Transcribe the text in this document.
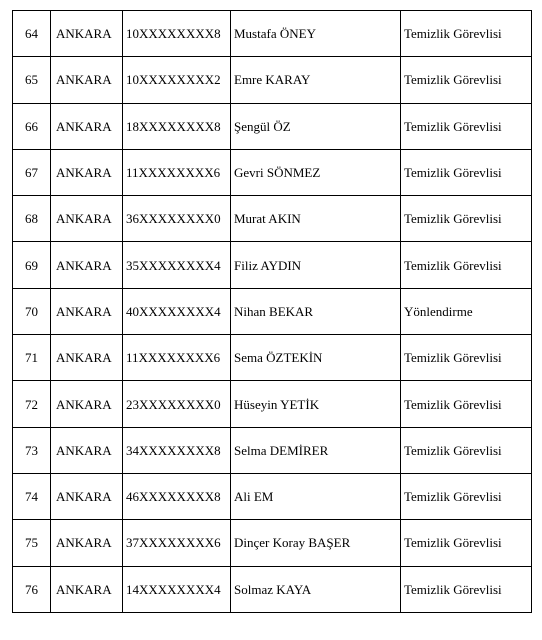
64	ANKARA	10XXXXXXXX8	Mustafa ÖNEY	Temizlik Görevlisi
65	ANKARA	10XXXXXXXX2	Emre KARAY	Temizlik Görevlisi
66	ANKARA	18XXXXXXXX8	Şengül ÖZ	Temizlik Görevlisi
67	ANKARA	11XXXXXXXX6	Gevri SÖNMEZ	Temizlik Görevlisi
68	ANKARA	36XXXXXXXX0	Murat AKIN	Temizlik Görevlisi
69	ANKARA	35XXXXXXXX4	Filiz AYDIN	Temizlik Görevlisi
70	ANKARA	40XXXXXXXX4	Nihan BEKAR	Yönlendirme
71	ANKARA	11XXXXXXXX6	Sema ÖZTEKİN	Temizlik Görevlisi
72	ANKARA	23XXXXXXXX0	Hüseyin YETİK	Temizlik Görevlisi
73	ANKARA	34XXXXXXXX8	Selma DEMİRER	Temizlik Görevlisi
74	ANKARA	46XXXXXXXX8	Ali EM	Temizlik Görevlisi
75	ANKARA	37XXXXXXXX6	Dinçer Koray BAŞER	Temizlik Görevlisi
76	ANKARA	14XXXXXXXX4	Solmaz KAYA	Temizlik Görevlisi
